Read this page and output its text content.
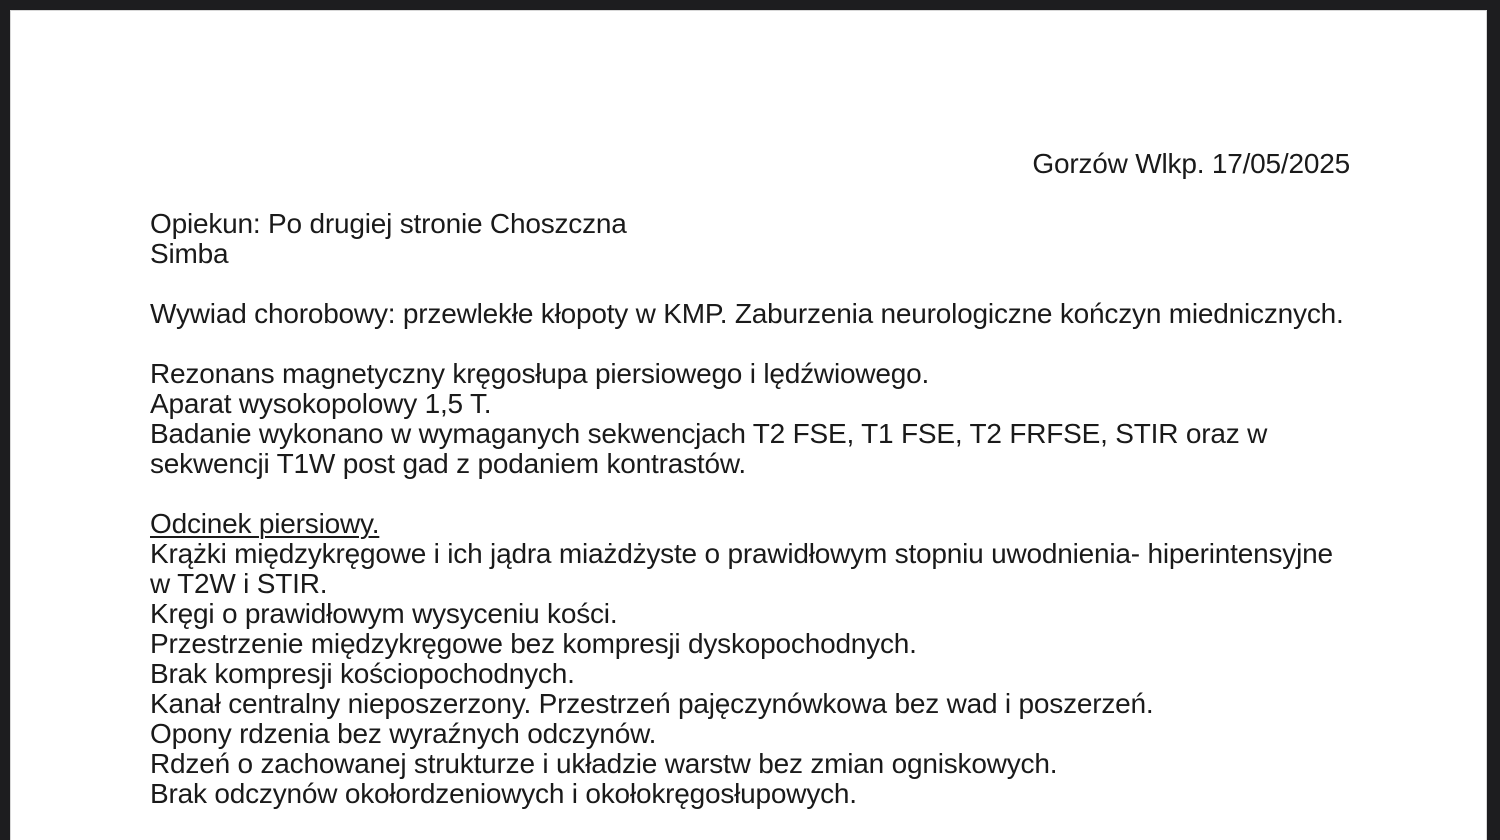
Gorzów Wlkp. 17/05/2025
Opiekun: Po drugiej stronie Choszczna
Simba
Wywiad chorobowy: przewlekłe kłopoty w KMP. Zaburzenia neurologiczne kończyn miednicznych.
Rezonans magnetyczny kręgosłupa piersiowego i lędźwiowego.
Aparat wysokopolowy 1,5 T.
Badanie wykonano w wymaganych sekwencjach T2 FSE, T1 FSE, T2 FRFSE, STIR oraz w
sekwencji T1W post gad z podaniem kontrastów.
Odcinek piersiowy.
Krążki międzykręgowe i ich jądra miażdżyste o prawidłowym stopniu uwodnienia- hiperintensyjne
w T2W i STIR.
Kręgi o prawidłowym wysyceniu kości.
Przestrzenie międzykręgowe bez kompresji dyskopochodnych.
Brak kompresji kościopochodnych.
Kanał centralny nieposzerzony. Przestrzeń pajęczynówkowa bez wad i poszerzeń.
Opony rdzenia bez wyraźnych odczynów.
Rdzeń o zachowanej strukturze i układzie warstw bez zmian ogniskowych.
Brak odczynów okołordzeniowych i okołokręgosłupowych.
